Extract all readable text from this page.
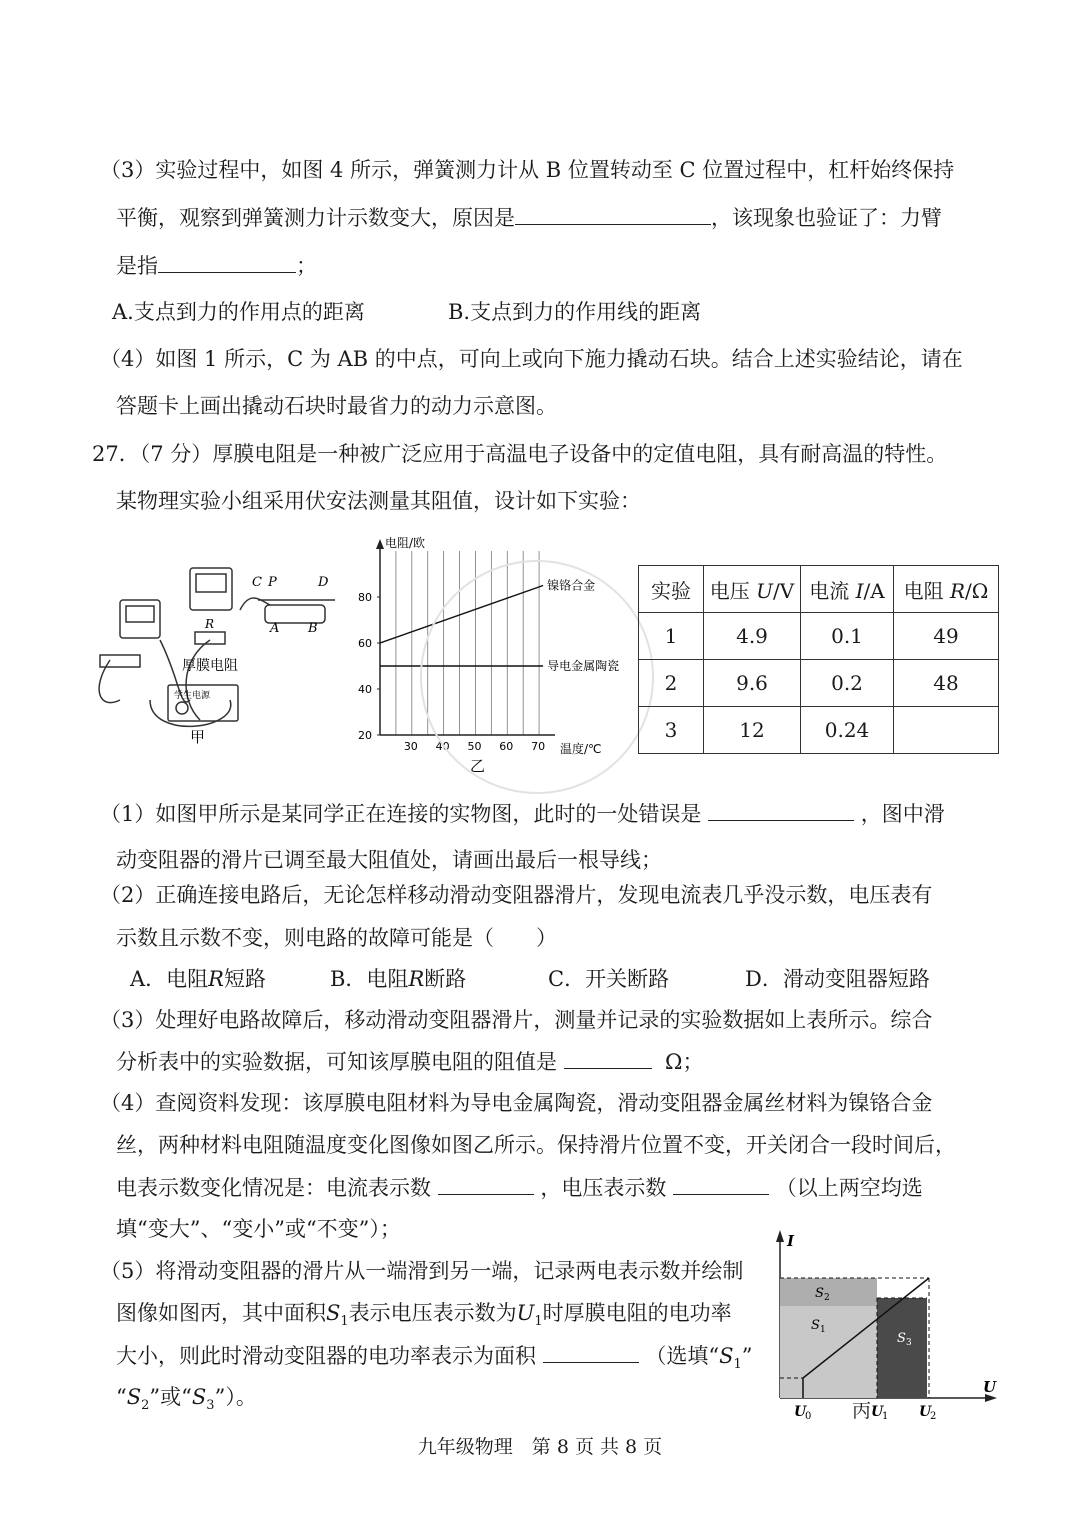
（3）实验过程中，如图 4 所示，弹簧测力计从 B 位置转动至 C 位置过程中，杠杆始终保持
平衡，观察到弹簧测力计示数变大，原因是	，该现象也验证了：力臂
是指	；
A.支点到力的作用点的距离	B.支点到力的作用线的距离
（4）如图 1 所示，C 为 AB 的中点，可向上或向下施力撬动石块。结合上述实验结论，请在
答题卡上画出撬动石块时最省力的动力示意图。
27．（7 分）厚膜电阻是一种被广泛应用于高温电子设备中的定值电阻，具有耐高温的特性。
某物理实验小组采用伏安法测量其阻值，设计如下实验：
C P	D
A B
R
厚膜电阻
学生电源
甲
电阻/欧
温度/℃
30 40 50 60 70
20
40
60
80
镍铬合金
导电金属陶瓷
乙
实验	电压 U/V	电流 I/A	电阻 R/Ω
1	4.9	0.1	49
2	9.6	0.2	48
3	12	0.24	
（1）如图甲所示是某同学正在连接的实物图，此时的一处错误是	，图中滑
动变阻器的滑片已调至最大阻值处，请画出最后一根导线；
（2）正确连接电路后，无论怎样移动滑动变阻器滑片，发现电流表几乎没示数，电压表有
示数且示数不变，则电路的故障可能是（　　）
A．电阻R短路	B．电阻R断路	C．开关断路	D．滑动变阻器短路
（3）处理好电路故障后，移动滑动变阻器滑片，测量并记录的实验数据如上表所示。综合
分析表中的实验数据，可知该厚膜电阻的阻值是	Ω；
（4）查阅资料发现：该厚膜电阻材料为导电金属陶瓷，滑动变阻器金属丝材料为镍铬合金
丝，两种材料电阻随温度变化图像如图乙所示。保持滑片位置不变，开关闭合一段时间后，
电表示数变化情况是：电流表示数	，电压表示数	（以上两空均选
填“变大”、“变小”或“不变”）；
（5）将滑动变阻器的滑片从一端滑到另一端，记录两电表示数并绘制
图像如图丙，其中面积$S_1$表示电压表示数为$U_1$时厚膜电阻的电功率
大小，则此时滑动变阻器的电功率表示为面积	（选填“$S_1$”
“$S_2$”或“$S_3$”）。
I
U
S 2
S 1
S 3
U
0	U
1 U
2
丙
九年级物理　第 8 页 共 8 页
